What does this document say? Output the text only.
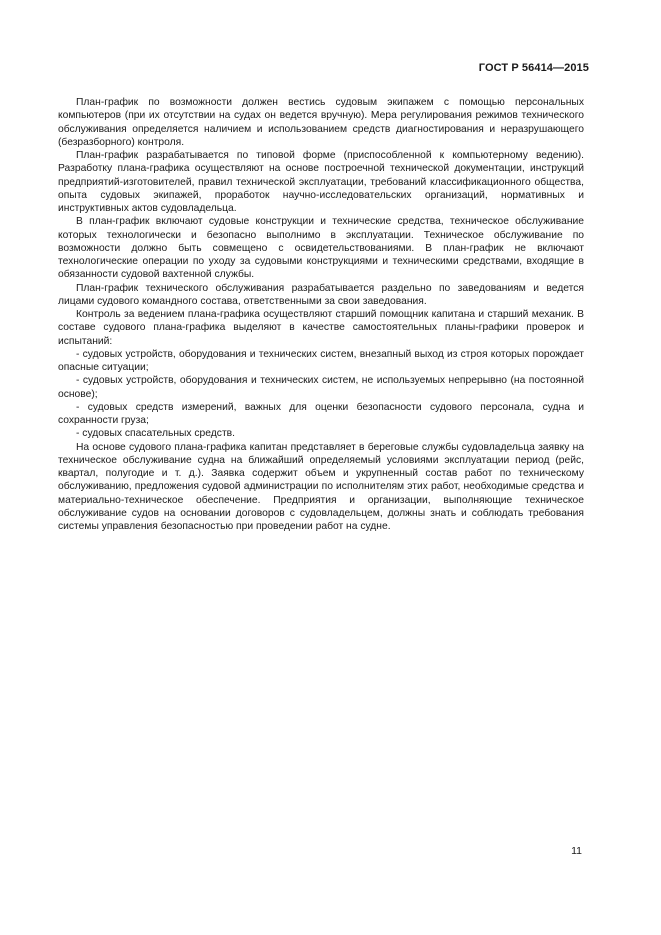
ГОСТ Р 56414—2015

План-график по возможности должен вестись судовым экипажем с помощью персональных компьютеров (при их отсутствии на судах он ведется вручную). Мера регулирования режимов технического обслуживания определяется наличием и использованием средств диагностирования и неразрушающего (безразборного) контроля.

План-график разрабатывается по типовой форме (приспособленной к компьютерному ведению). Разработку плана-графика осуществляют на основе построечной технической документации, инструкций предприятий-изготовителей, правил технической эксплуатации, требований классификационного общества, опыта судовых экипажей, проработок научно-исследовательских организаций, нормативных и инструктивных актов судовладельца.

В план-график включают судовые конструкции и технические средства, техническое обслуживание которых технологически и безопасно выполнимо в эксплуатации. Техническое обслуживание по возможности должно быть совмещено с освидетельствованиями. В план-график не включают технологические операции по уходу за судовыми конструкциями и техническими средствами, входящие в обязанности судовой вахтенной службы.

План-график технического обслуживания разрабатывается раздельно по заведованиям и ведется лицами судового командного состава, ответственными за свои заведования.

Контроль за ведением плана-графика осуществляют старший помощник капитана и старший механик. В составе судового плана-графика выделяют в качестве самостоятельных планы-графики проверок и испытаний:

- судовых устройств, оборудования и технических систем, внезапный выход из строя которых порождает опасные ситуации;

- судовых устройств, оборудования и технических систем, не используемых непрерывно (на постоянной основе);

- судовых средств измерений, важных для оценки безопасности судового персонала, судна и сохранности груза;

- судовых спасательных средств.

На основе судового плана-графика капитан представляет в береговые службы судовладельца заявку на техническое обслуживание судна на ближайший определяемый условиями эксплуатации период (рейс, квартал, полугодие и т. д.). Заявка содержит объем и укрупненный состав работ по техническому обслуживанию, предложения судовой администрации по исполнителям этих работ, необходимые средства и материально-техническое обеспечение. Предприятия и организации, выполняющие техническое обслуживание судов на основании договоров с судовладельцем, должны знать и соблюдать требования системы управления безопасностью при проведении работ на судне.

11
